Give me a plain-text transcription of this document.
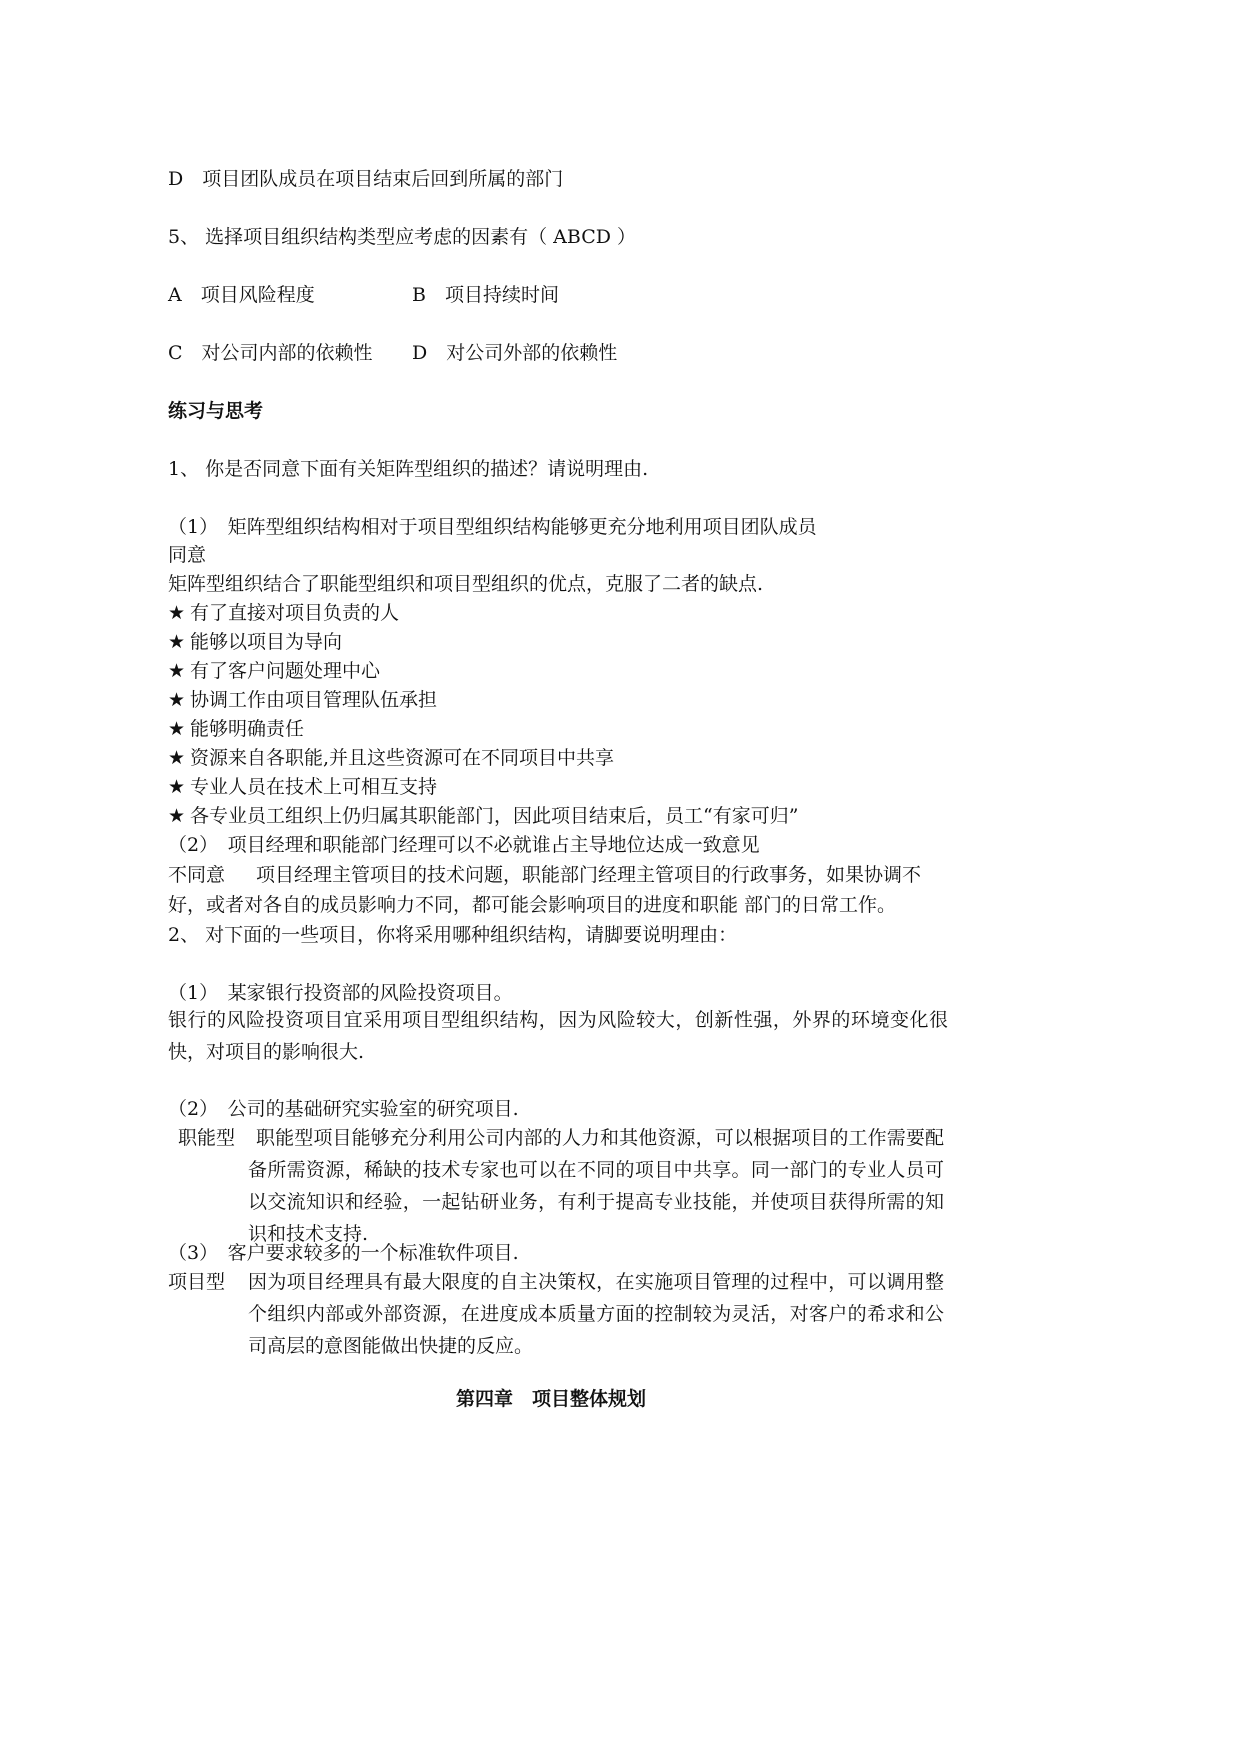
D　项目团队成员在项目结束后回到所属的部门
5、 选择项目组织结构类型应考虑的因素有（ ABCD ）
A　项目风险程度	B　项目持续时间
C　对公司内部的依赖性 D　对公司外部的依赖性
练习与思考
1、 你是否同意下面有关矩阵型组织的描述？请说明理由.
（1）　矩阵型组织结构相对于项目型组织结构能够更充分地利用项目团队成员
同意
矩阵型组织结合了职能型组织和项目型组织的优点，克服了二者的缺点.
★ 有了直接对项目负责的人
★ 能够以项目为导向
★ 有了客户问题处理中心
★ 协调工作由项目管理队伍承担
★ 能够明确责任
★ 资源来自各职能,并且这些资源可在不同项目中共享
★ 专业人员在技术上可相互支持
★ 各专业员工组织上仍归属其职能部门，因此项目结束后，员工“有家可归”
（2）　项目经理和职能部门经理可以不必就谁占主导地位达成一致意见
不同意 项目经理主管项目的技术问题，职能部门经理主管项目的行政事务，如果协调不
好，或者对各自的成员影响力不同，都可能会影响项目的进度和职能 部门的日常工作。
2、 对下面的一些项目，你将采用哪种组织结构，请脚要说明理由：
（1）　某家银行投资部的风险投资项目。
银行的风险投资项目宜采用项目型组织结构，因为风险较大，创新性强，外界的环境变化很快，对项目的影响很大.
（2）　公司的基础研究实验室的研究项目.
职能型	职能型项目能够充分利用公司内部的人力和其他资源，可以根据项目的工作需要配备所需资源，稀缺的技术专家也可以在不同的项目中共享。同一部门的专业人员可以交流知识和经验，一起钻研业务，有利于提高专业技能，并使项目获得所需的知识和技术支持.
（3）　客户要求较多的一个标准软件项目.
项目型 因为项目经理具有最大限度的自主决策权，在实施项目管理的过程中，可以调用整个组织内部或外部资源，在进度成本质量方面的控制较为灵活，对客户的希求和公司高层的意图能做出快捷的反应。
第四章　项目整体规划
